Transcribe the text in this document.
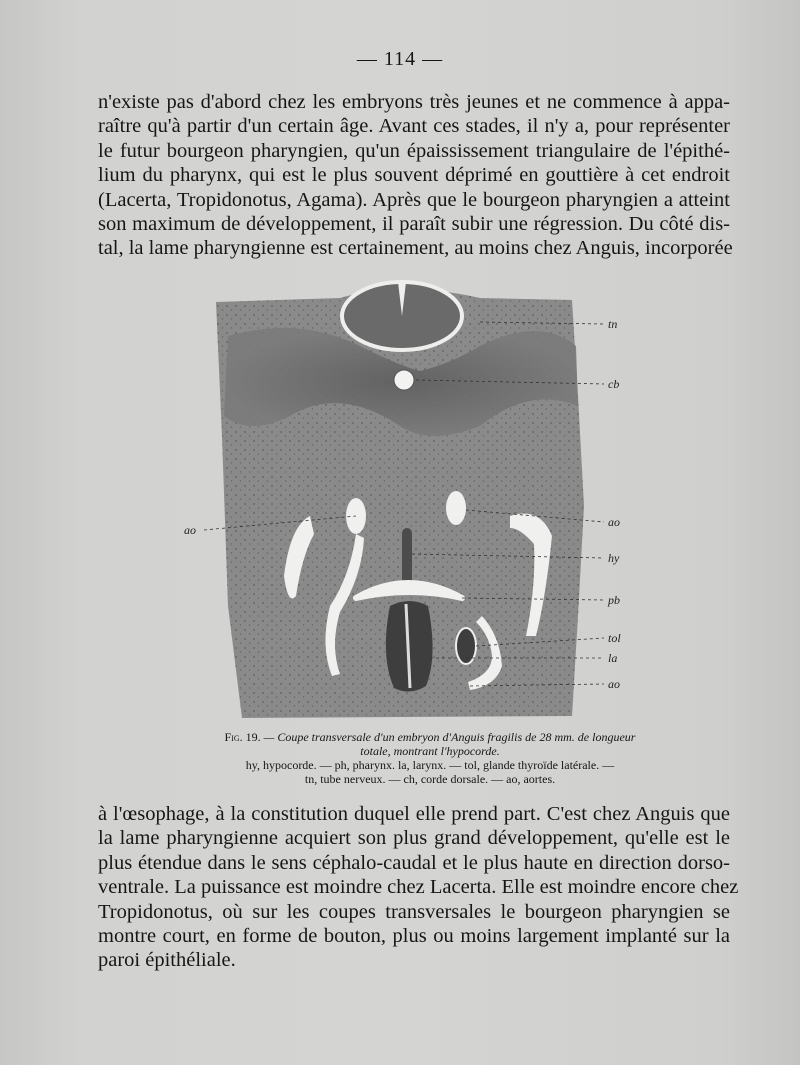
— 114 —
n'existe pas d'abord chez les embryons très jeunes et ne commence à appa-
raître qu'à partir d'un certain âge. Avant ces stades, il n'y a, pour représenter
le futur bourgeon pharyngien, qu'un épaississement triangulaire de l'épithé-
lium du pharynx, qui est le plus souvent déprimé en gouttière à cet endroit
(Lacerta, Tropidonotus, Agama). Après que le bourgeon pharyngien a atteint
son maximum de développement, il paraît subir une régression. Du côté dis-
tal, la lame pharyngienne est certainement, au moins chez Anguis, incorporée
tn
cb
ao
ao
hy
pb
tol
la
ao
Fig. 19. — Coupe transversale d'un embryon d'Anguis fragilis de 28 mm. de longueur
totale, montrant l'hypocorde.
hy, hypocorde. — ph, pharynx. la, larynx. — tol, glande thyroïde latérale. —
tn, tube nerveux. — ch, corde dorsale. — ao, aortes.
à l'œsophage, à la constitution duquel elle prend part. C'est chez Anguis que
la lame pharyngienne acquiert son plus grand développement, qu'elle est le
plus étendue dans le sens céphalo-caudal et le plus haute en direction dorso-
ventrale. La puissance est moindre chez Lacerta. Elle est moindre encore chez
Tropidonotus, où sur les coupes transversales le bourgeon pharyngien se
montre court, en forme de bouton, plus ou moins largement implanté sur la
paroi épithéliale.
